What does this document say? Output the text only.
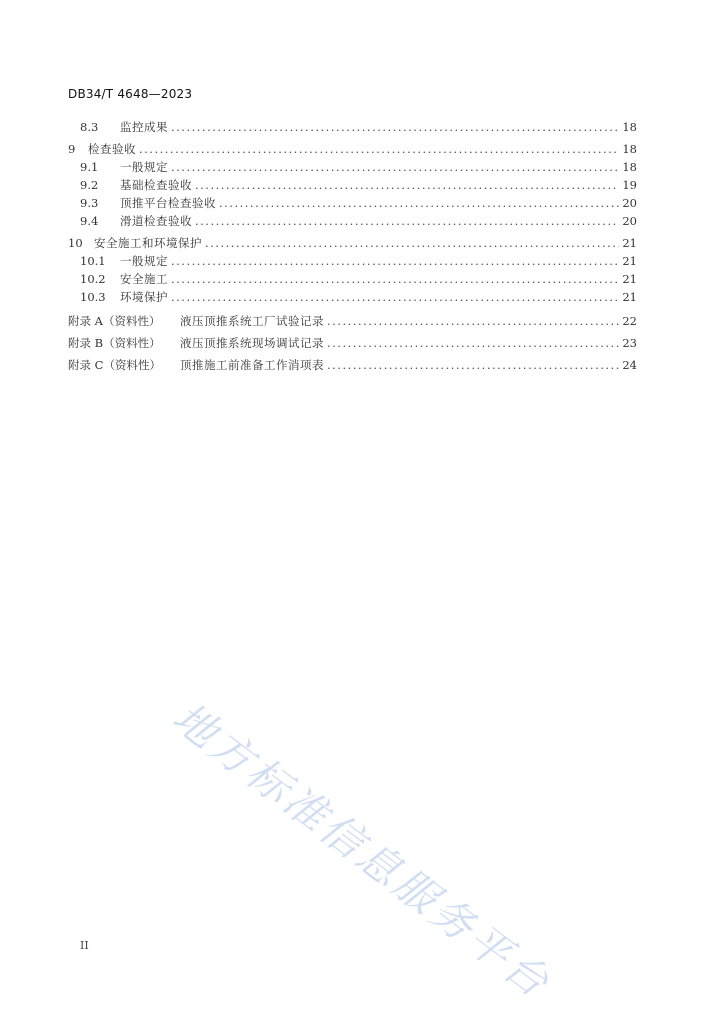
DB34/T 4648—2023
8.3	监控成果 .....	18
9	检查验收 .....	18
9.1	一般规定 .....	18
9.2	基础检查验收 .....	19
9.3	顶推平台检查验收 .....	20
9.4	滑道检查验收 .....	20
10 安全施工和环境保护 .....	21
10.1	一般规定 .....	21
10.2	安全施工 .....	21
10.3	环境保护 .....	21
附录 A（资料性）	液压顶推系统工厂试验记录 .....	22
附录 B（资料性）	液压顶推系统现场调试记录 .....	23
附录 C（资料性）	顶推施工前准备工作消项表 .....	24
地方标准信息服务平台
II
